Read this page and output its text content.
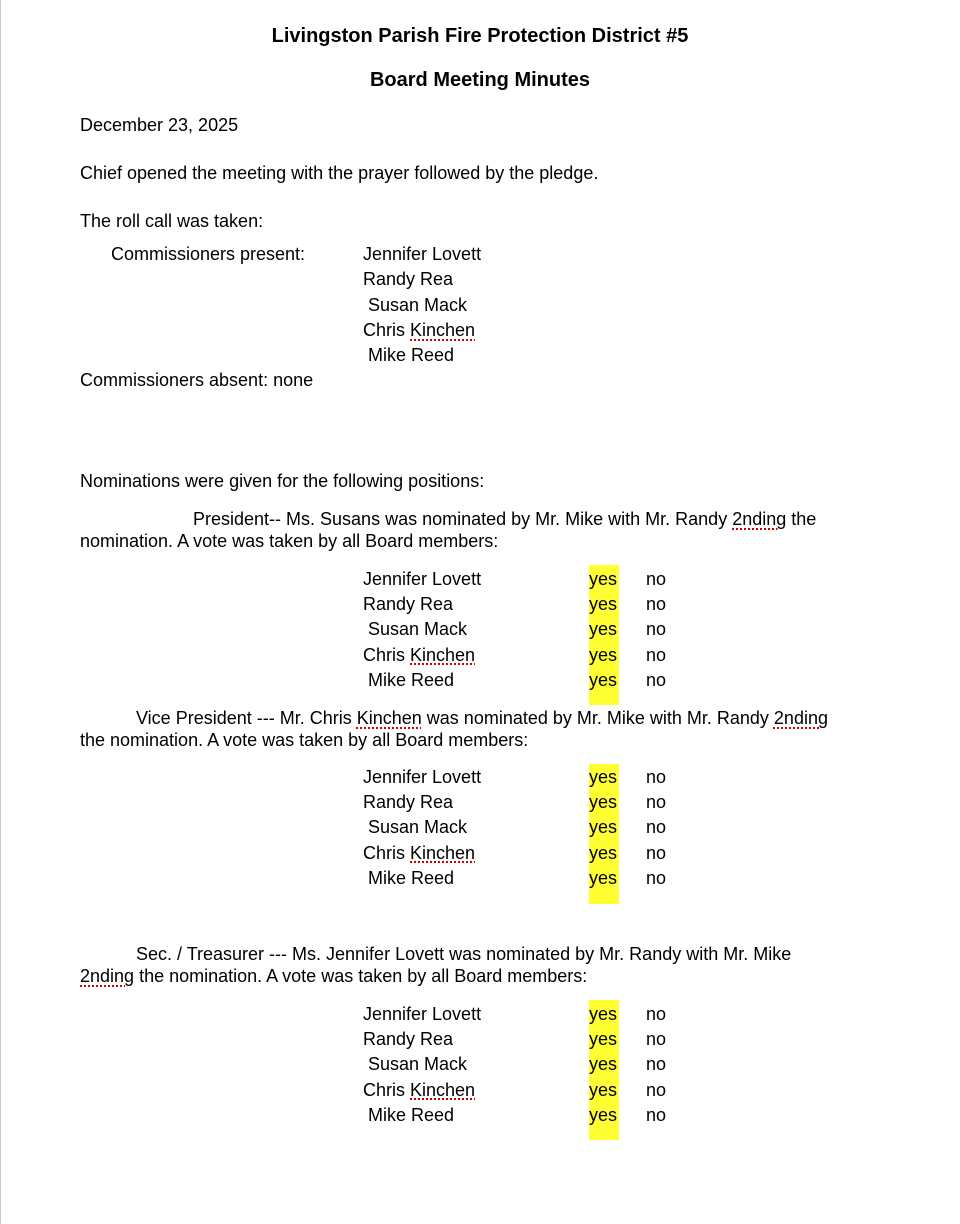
Livingston Parish Fire Protection District #5
Board Meeting Minutes
December 23, 2025
Chief opened the meeting with the prayer followed by the pledge.
The roll call was taken:
Commissioners present:	Jennifer Lovett
Randy Rea
Susan Mack
Chris Kinchen
Mike Reed
Commissioners absent: none
Nominations were given for the following positions:
President-- Ms. Susans was nominated by Mr. Mike with Mr. Randy 2nding the
nomination. A vote was taken by all Board members:
Vice President --- Mr. Chris Kinchen was nominated by Mr. Mike with Mr. Randy 2nding
the nomination. A vote was taken by all Board members:
Sec. / Treasurer --- Ms. Jennifer Lovett was nominated by Mr. Randy with Mr. Mike
2nding the nomination. A vote was taken by all Board members:
Jennifer Lovett	yes no
Randy Rea	yes no
Susan Mack	yes no
Chris Kinchen	yes no
Mike Reed	yes no
Jennifer Lovett	yes no
Randy Rea	yes no
Susan Mack	yes no
Chris Kinchen	yes no
Mike Reed	yes no
Jennifer Lovett	yes no
Randy Rea	yes no
Susan Mack	yes no
Chris Kinchen	yes no
Mike Reed	yes no
